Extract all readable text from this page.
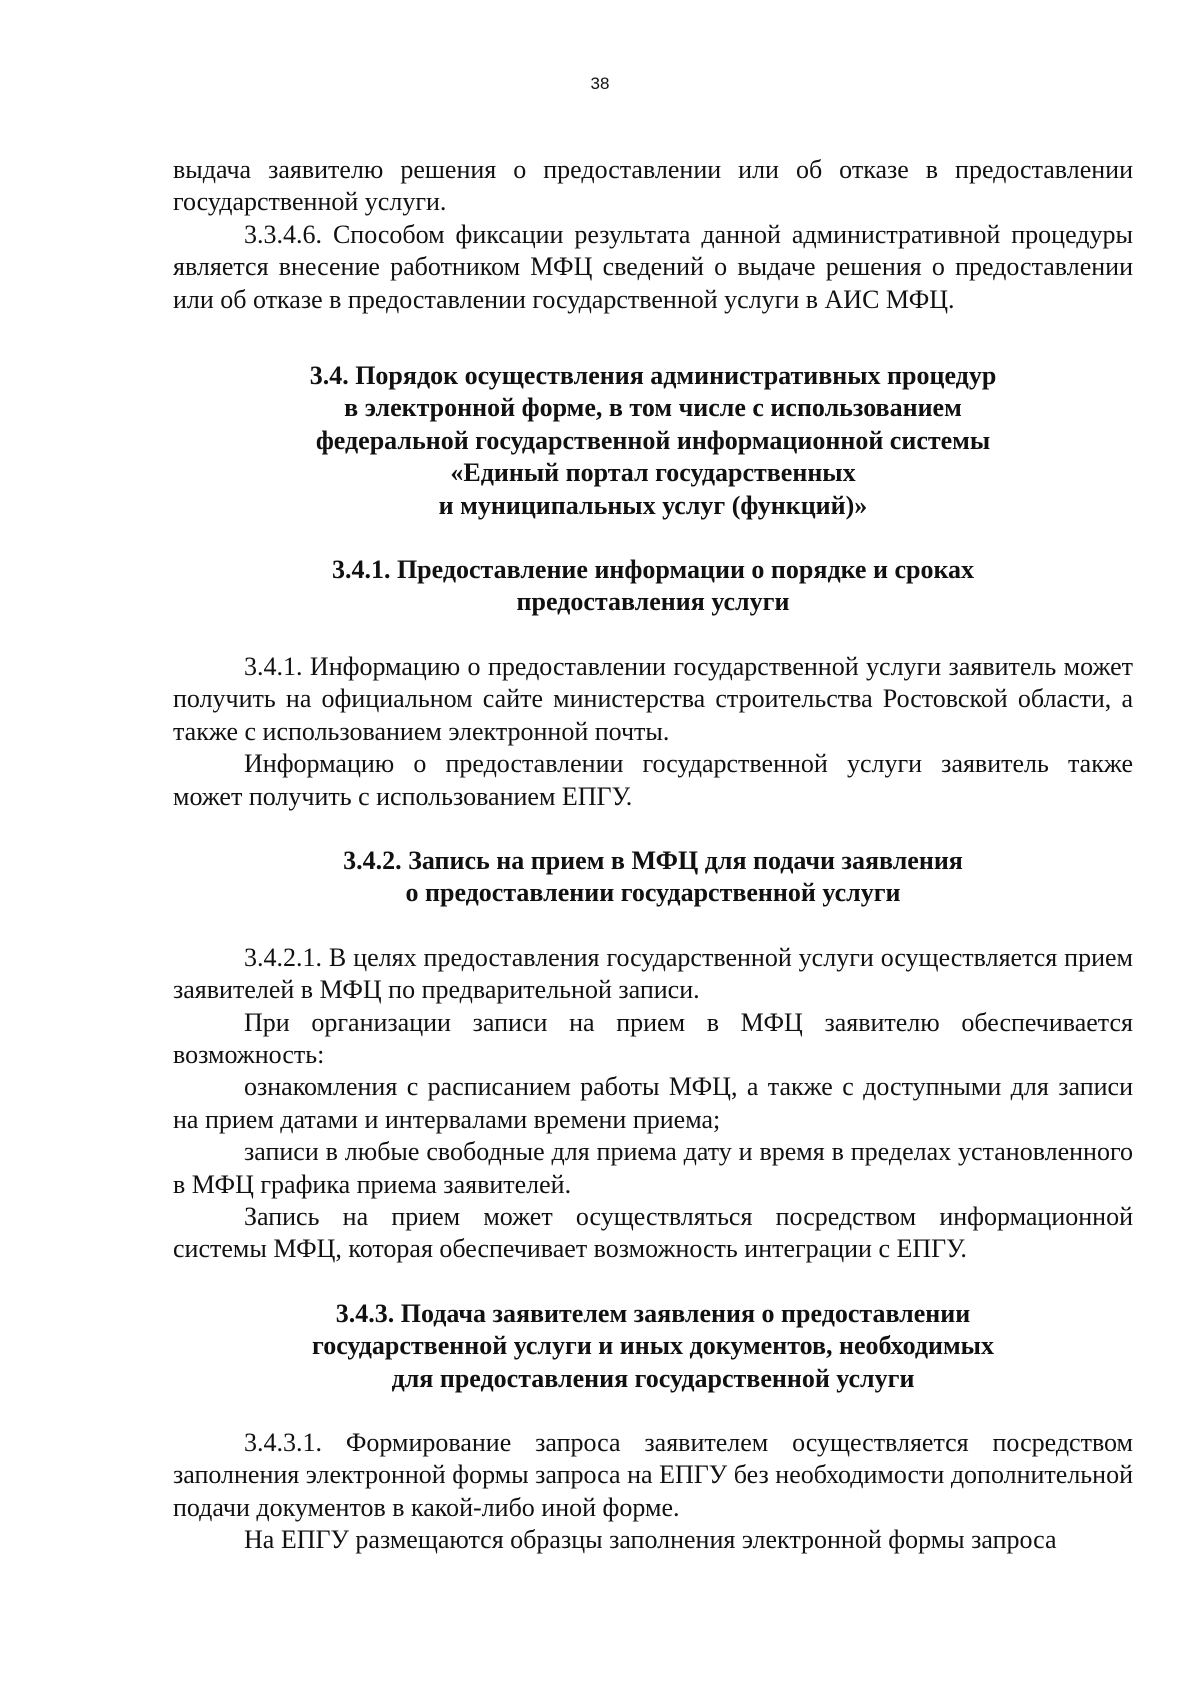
38

выдача заявителю решения о предоставлении или об отказе в предоставлении государственной услуги.

3.3.4.6. Способом фиксации результата данной административной процедуры является внесение работником МФЦ сведений о выдаче решения о предоставлении или об отказе в предоставлении государственной услуги в АИС МФЦ.

3.4. Порядок осуществления административных процедур
в электронной форме, в том числе с использованием
федеральной государственной информационной системы
«Единый портал государственных
и муниципальных услуг (функций)»
3.4.1. Предоставление информации о порядке и сроках
предоставления услуги

3.4.1. Информацию о предоставлении государственной услуги заявитель может получить на официальном сайте министерства строительства Ростовской области, а также с использованием электронной почты.

Информацию о предоставлении государственной услуги заявитель также может получить с использованием ЕПГУ.

3.4.2. Запись на прием в МФЦ для подачи заявления
о предоставлении государственной услуги

3.4.2.1. В целях предоставления государственной услуги осуществляется прием заявителей в МФЦ по предварительной записи.

При организации записи на прием в МФЦ заявителю обеспечивается возможность:

ознакомления с расписанием работы МФЦ, а также с доступными для записи на прием датами и интервалами времени приема;

записи в любые свободные для приема дату и время в пределах установленного в МФЦ графика приема заявителей.

Запись на прием может осуществляться посредством информационной системы МФЦ, которая обеспечивает возможность интеграции с ЕПГУ.

3.4.3. Подача заявителем заявления о предоставлении
государственной услуги и иных документов, необходимых
для предоставления государственной услуги

3.4.3.1. Формирование запроса заявителем осуществляется посредством заполнения электронной формы запроса на ЕПГУ без необходимости дополнительной подачи документов в какой-либо иной форме.

На ЕПГУ размещаются образцы заполнения электронной формы запроса
